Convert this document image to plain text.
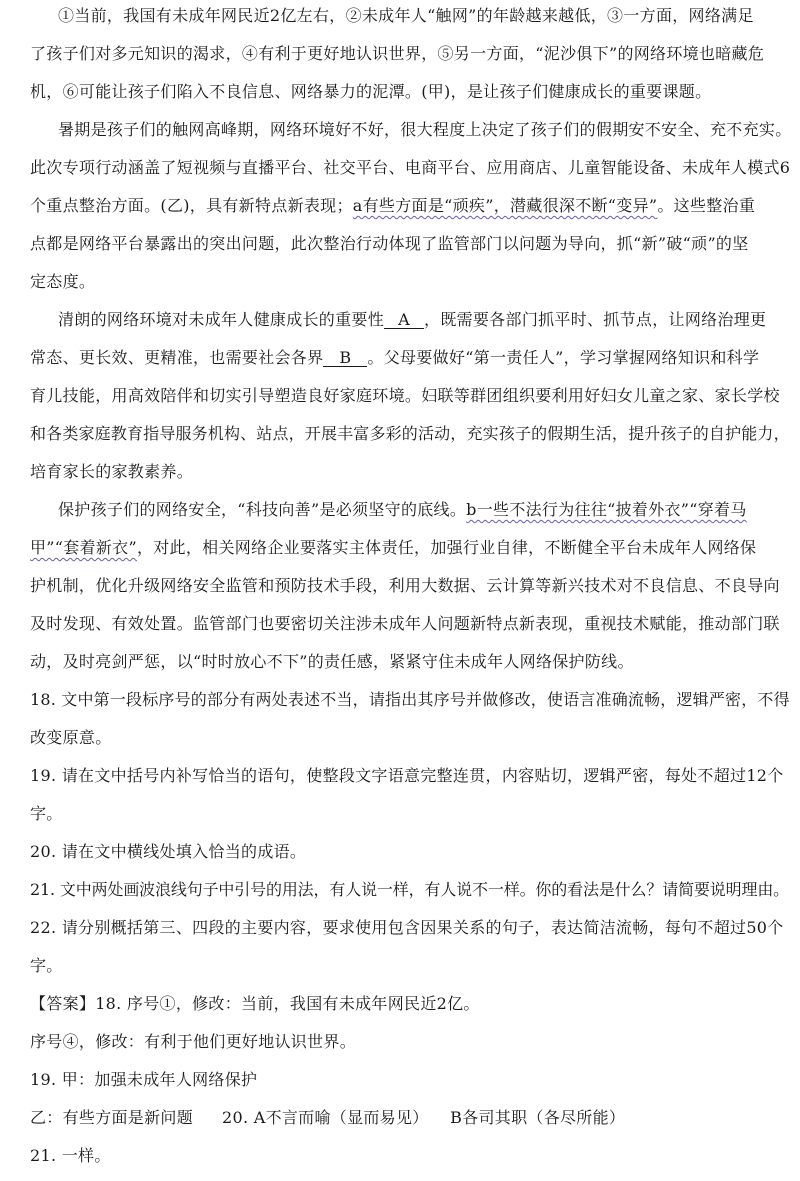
①当前，我国有未成年网民近2亿左右，②未成年人“触网”的年龄越来越低，③一方面，网络满足
了孩子们对多元知识的渴求，④有利于更好地认识世界，⑤另一方面，“泥沙俱下”的网络环境也暗藏危
机，⑥可能让孩子们陷入不良信息、网络暴力的泥潭。(甲)，是让孩子们健康成长的重要课题。
暑期是孩子们的触网高峰期，网络环境好不好，很大程度上决定了孩子们的假期安不安全、充不充实。
此次专项行动涵盖了短视频与直播平台、社交平台、电商平台、应用商店、儿童智能设备、未成年人模式6
个重点整治方面。(乙)，具有新特点新表现；a有些方面是“顽疾”，潜藏很深不断“变异”。这些整治重
点都是网络平台暴露出的突出问题，此次整治行动体现了监管部门以问题为导向，抓“新”破“顽”的坚
定态度。
清朗的网络环境对未成年人健康成长的重要性 A ，既需要各部门抓平时、抓节点，让网络治理更
常态、更长效、更精准，也需要社会各界 B 。父母要做好“第一责任人”，学习掌握网络知识和科学
育儿技能，用高效陪伴和切实引导塑造良好家庭环境。妇联等群团组织要利用好妇女儿童之家、家长学校
和各类家庭教育指导服务机构、站点，开展丰富多彩的活动，充实孩子的假期生活，提升孩子的自护能力，
培育家长的家教素养。
保护孩子们的网络安全，“科技向善”是必须坚守的底线。b一些不法行为往往“披着外衣”“穿着马
甲”“套着新衣”，对此，相关网络企业要落实主体责任，加强行业自律，不断健全平台未成年人网络保
护机制，优化升级网络安全监管和预防技术手段，利用大数据、云计算等新兴技术对不良信息、不良导向
及时发现、有效处置。监管部门也要密切关注涉未成年人问题新特点新表现，重视技术赋能，推动部门联
动，及时亮剑严惩，以“时时放心不下”的责任感，紧紧守住未成年人网络保护防线。
18. 文中第一段标序号的部分有两处表述不当，请指出其序号并做修改，使语言准确流畅，逻辑严密，不得
改变原意。
19. 请在文中括号内补写恰当的语句，使整段文字语意完整连贯，内容贴切，逻辑严密，每处不超过12个
字。
20. 请在文中横线处填入恰当的成语。
21. 文中两处画波浪线句子中引号的用法，有人说一样，有人说不一样。你的看法是什么？请简要说明理由。
22. 请分别概括第三、四段的主要内容，要求使用包含因果关系的句子，表达简洁流畅，每句不超过50个
字。
【答案】18. 序号①，修改：当前，我国有未成年网民近2亿。
序号④，修改：有利于他们更好地认识世界。
19. 甲：加强未成年人网络保护
乙：有些方面是新问题 20. A不言而喻（显而易见）    B各司其职（各尽所能）
21. 一样。
